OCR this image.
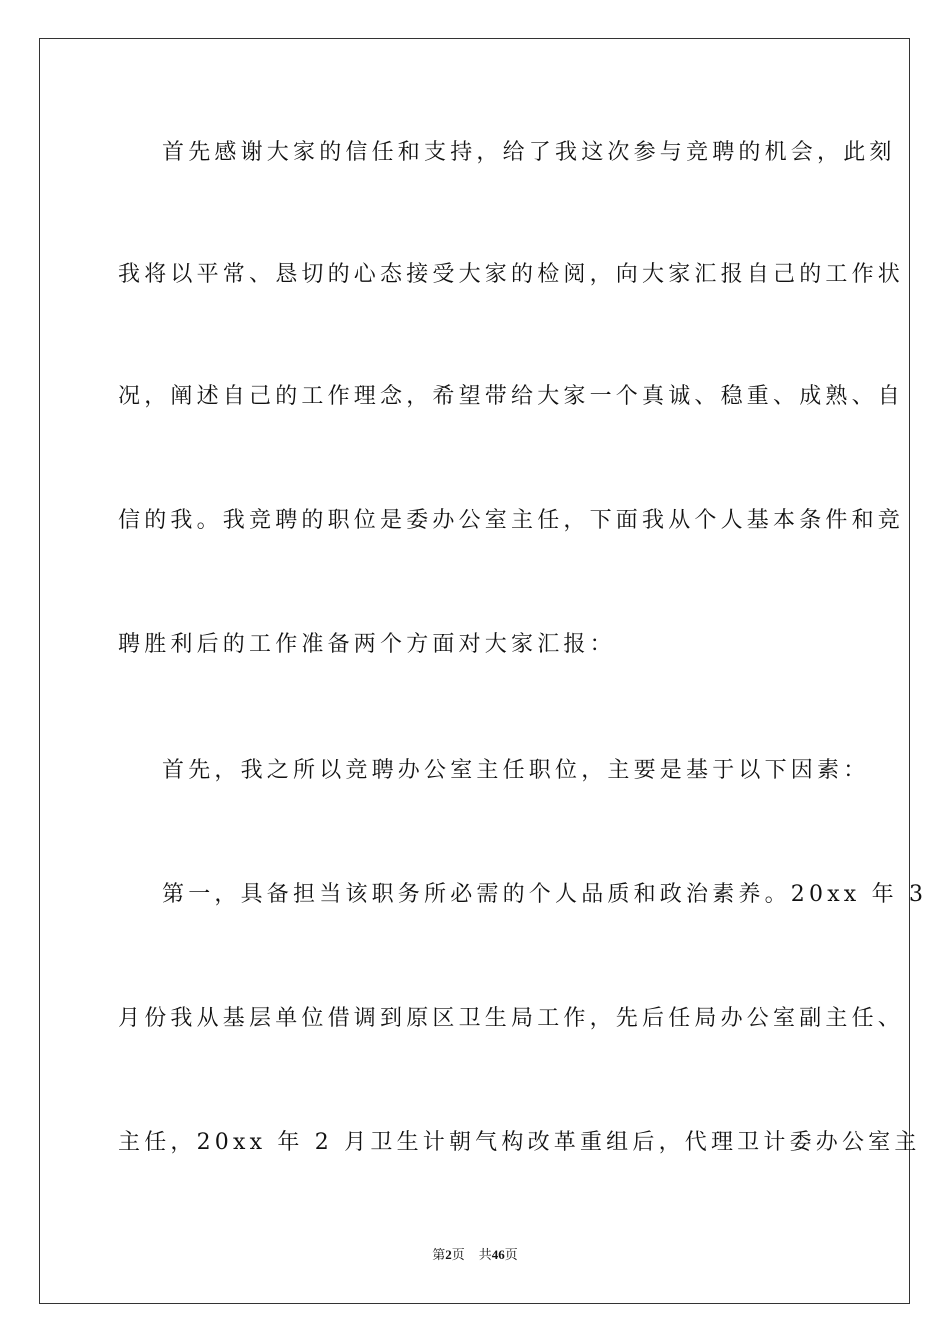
首先感谢大家的信任和支持，给了我这次参与竞聘的机会，此刻
我将以平常、恳切的心态接受大家的检阅，向大家汇报自己的工作状
况，阐述自己的工作理念，希望带给大家一个真诚、稳重、成熟、自
信的我。我竞聘的职位是委办公室主任，下面我从个人基本条件和竞
聘胜利后的工作准备两个方面对大家汇报：
首先，我之所以竞聘办公室主任职位，主要是基于以下因素：
第一，具备担当该职务所必需的个人品质和政治素养。20xx 年 3
月份我从基层单位借调到原区卫生局工作，先后任局办公室副主任、
主任，20xx 年 2 月卫生计朝气构改革重组后，代理卫计委办公室主
第2页 共46页
